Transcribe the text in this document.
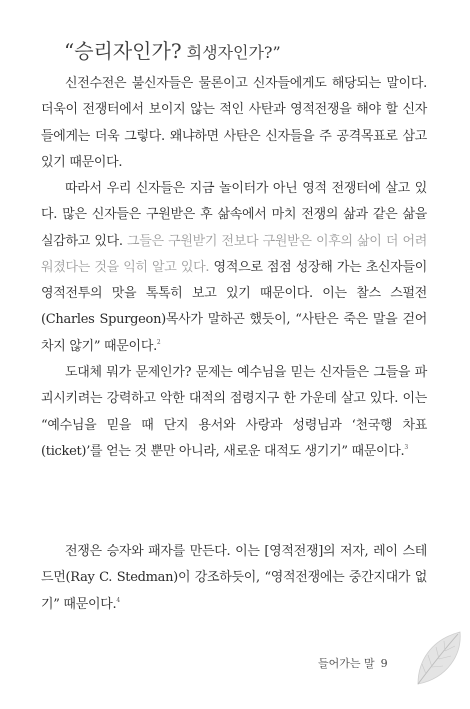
“승리자인가? 희생자인가?”

신전수전은 불신자들은 물론이고 신자들에게도 해당되는 말이다. 더욱이 전쟁터에서 보이지 않는 적인 사탄과 영적전쟁을 해야 할 신자들에게는 더욱 그렇다. 왜냐하면 사탄은 신자들을 주 공격목표로 삼고 있기 때문이다.

따라서 우리 신자들은 지금 놀이터가 아닌 영적 전쟁터에 살고 있다. 많은 신자들은 구원받은 후 삶속에서 마치 전쟁의 삶과 같은 삶을 실감하고 있다. 그들은 구원받기 전보다 구원받은 이후의 삶이 더 어려워졌다는 것을 익히 알고 있다. 영적으로 점점 성장해 가는 초신자들이 영적전투의 맛을 톡톡히 보고 있기 때문이다. 이는 찰스 스펄전(Charles Spurgeon)목사가 말하곤 했듯이, “사탄은 죽은 말을 걷어차지 않기” 때문이다.$^2$

도대체 뭐가 문제인가? 문제는 예수님을 믿는 신자들은 그들을 파괴시키려는 강력하고 악한 대적의 점령지구 한 가운데 살고 있다. 이는 “예수님을 믿을 때 단지 용서와 사랑과 성령님과 ‘천국행 차표(ticket)’를 얻는 것 뿐만 아니라, 새로운 대적도 생기기” 때문이다.$^3$

전쟁은 승자와 패자를 만든다. 이는 [영적전쟁]의 저자, 레이 스테드먼(Ray C. Stedman)이 강조하듯이, “영적전쟁에는 중간지대가 없기” 때문이다.$^4$

들어가는 말 9
